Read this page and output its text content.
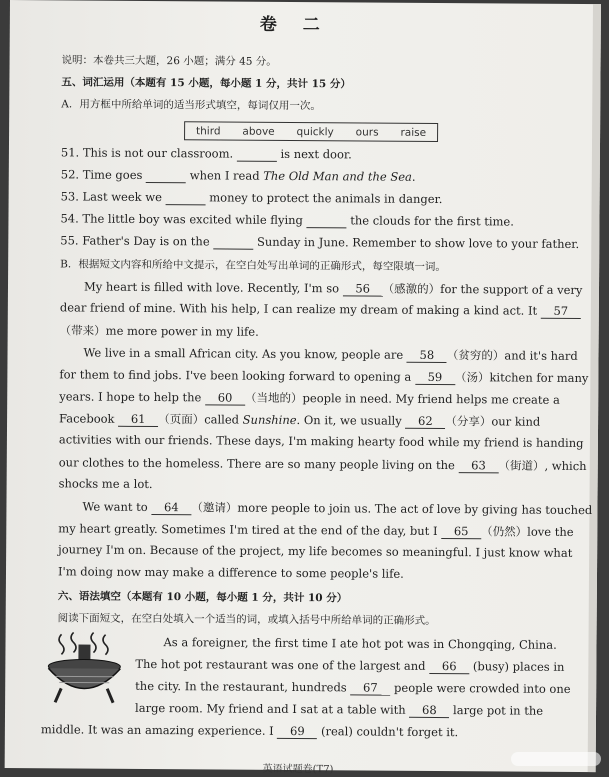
卷 二
说明：本卷共三大题，26 小题；满分 45 分。
五、词汇运用（本题有 15 小题，每小题 1 分，共计 15 分）
A．用方框中所给单词的适当形式填空，每词仅用一次。
third above quickly ours raise
51. This is not our classroom.	is next door.
52. Time goes	when I read The Old Man and the Sea.
53. Last week we	money to protect the animals in danger.
54. The little boy was excited while flying	the clouds for the first time.
55. Father's Day is on the	Sunday in June. Remember to show love to your father.
B．根据短文内容和所给中文提示，在空白处写出单词的正确形式，每空限填一词。
My heart is filled with love. Recently, I'm so 56 （感激的）for the support of a very
dear friend of mine. With his help, I can realize my dream of making a kind act. It 57
（带来）me more power in my life.
We live in a small African city. As you know, people are 58 （贫穷的）and it's hard
for them to find jobs. I've been looking forward to opening a 59 （汤）kitchen for many
years. I hope to help the 60 （当地的）people in need. My friend helps me create a
Facebook 61 （页面）called Sunshine. On it, we usually 62 （分享）our kind
activities with our friends. These days, I'm making hearty food while my friend is handing
our clothes to the homeless. There are so many people living on the 63 （街道）, which
shocks me a lot.
We want to 64 （邀请）more people to join us. The act of love by giving has touched
my heart greatly. Sometimes I'm tired at the end of the day, but I 65 （仍然）love the
journey I'm on. Because of the project, my life becomes so meaningful. I just know what
I'm doing now may make a difference to some people's life.
六、语法填空（本题有 10 小题，每小题 1 分，共计 10 分）
阅读下面短文，在空白处填入一个适当的词，或填入括号中所给单词的正确形式。
As a foreigner, the first time I ate hot pot was in Chongqing, China.
The hot pot restaurant was one of the largest and 66 (busy) places in
the city. In the restaurant, hundreds 67 people were crowded into one
large room. My friend and I sat at a table with 68 large pot in the
middle. It was an amazing experience. I 69 (real) couldn't forget it.
英语试题卷(T7)
